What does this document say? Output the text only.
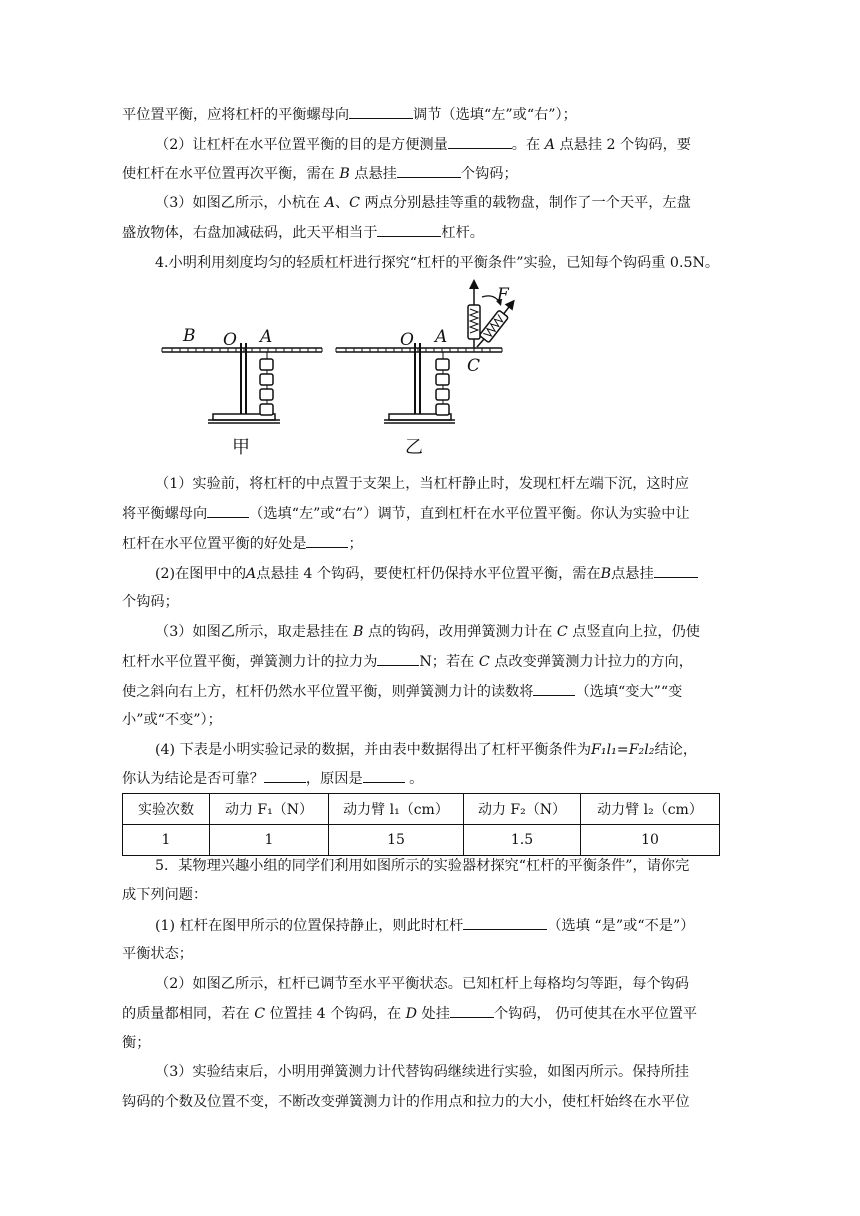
平位置平衡，应将杠杆的平衡螺母向	调节（选填“左”或“右”）；
（2）让杠杆在水平位置平衡的目的是方便测量	。在 A 点悬挂 2 个钩码，要
使杠杆在水平位置再次平衡，需在 B 点悬挂	个钩码；
（3）如图乙所示，小杭在 A、C 两点分别悬挂等重的载物盘，制作了一个天平，左盘
盛放物体，右盘加减砝码，此天平相当于	杠杆。
4.小明利用刻度均匀的轻质杠杆进行探究“杠杆的平衡条件”实验，已知每个钩码重 0.5N。
B O A
甲
F
O A
C
乙
（1）实验前，将杠杆的中点置于支架上，当杠杆静止时，发现杠杆左端下沉，这时应
将平衡螺母向	（选填“左”或“右”）调节，直到杠杆在水平位置平衡。你认为实验中让
杠杆在水平位置平衡的好处是	；
(2)在图甲中的A点悬挂 4 个钩码，要使杠杆仍保持水平位置平衡，需在B点悬挂
个钩码；
（3）如图乙所示，取走悬挂在 B 点的钩码，改用弹簧测力计在 C 点竖直向上拉，仍使
杠杆水平位置平衡，弹簧测力计的拉力为	N；若在 C 点改变弹簧测力计拉力的方向，
使之斜向右上方，杠杆仍然水平位置平衡，则弹簧测力计的读数将	（选填“变大”“变
小”或“不变”）；
(4) 下表是小明实验记录的数据，并由表中数据得出了杠杆平衡条件为F₁l₁=F₂l₂结论，
你认为结论是否可靠？	，原因是	。
实验次数	动力 F₁（N）	动力臂 l₁（cm）	动力 F₂（N）	动力臂 l₂（cm）
1	1	15	1.5	10
5．某物理兴趣小组的同学们利用如图所示的实验器材探究“杠杆的平衡条件”，请你完
成下列问题：
(1) 杠杆在图甲所示的位置保持静止，则此时杠杆	（选填 “是”或“不是”）
平衡状态；
（2）如图乙所示，杠杆已调节至水平平衡状态。已知杠杆上每格均匀等距，每个钩码
的质量都相同，若在 C 位置挂 4 个钩码，在 D 处挂	个钩码， 仍可使其在水平位置平
衡；
（3）实验结束后，小明用弹簧测力计代替钩码继续进行实验，如图丙所示。保持所挂
钩码的个数及位置不变，不断改变弹簧测力计的作用点和拉力的大小，使杠杆始终在水平位
